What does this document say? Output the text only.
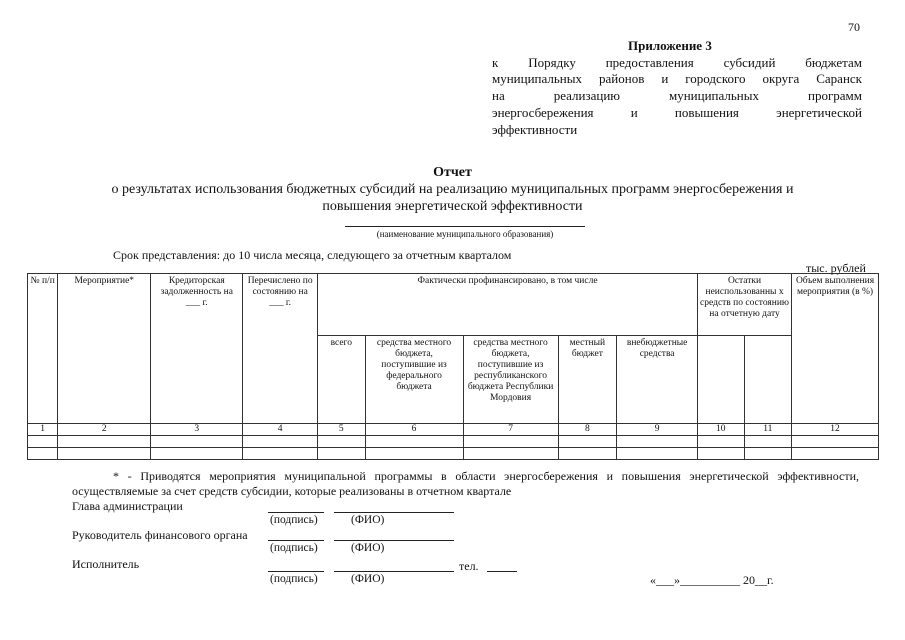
70
Приложение 3
к Порядку предоставления субсидий бюджетам
муниципальных районов и городского округа Саранск
на реализацию муниципальных программ
энергосбережения и повышения энергетической
эффективности
Отчет
о результатах использования бюджетных субсидий на реализацию муниципальных программ энергосбережения и
повышения энергетической эффективности
(наименование муниципального образования)
Срок представления: до 10 числа месяца, следующего за отчетным кварталом
тыс. рублей
№ п/п	Мероприятие*	Кредиторская задолженность на ___ г.	Перечислено по состоянию на ___ г.	Фактически профинансировано, в том числе					Остатки неиспользованны х средств по состоянию на отчетную дату		Объем выполнения мероприятия (в %)
				всего	средства местного бюджета, поступившие из федерального бюджета	средства местного бюджета, поступившие из республиканского бюджета Республики Мордовия	местный бюджет	внебюджетные средства			
1	2	3	4	5	6	7	8	9	10	11	12

* - Приводятся мероприятия муниципальной программы в области энергосбережения и повышения энергетической эффективности,
осуществляемые за счет средств субсидии, которые реализованы в отчетном квартале
Глава администрации
(подпись)	(ФИО)
Руководитель финансового органа
(подпись)	(ФИО)
Исполнитель	тел.
(подпись)	(ФИО)	«___»__________ 20__г.
